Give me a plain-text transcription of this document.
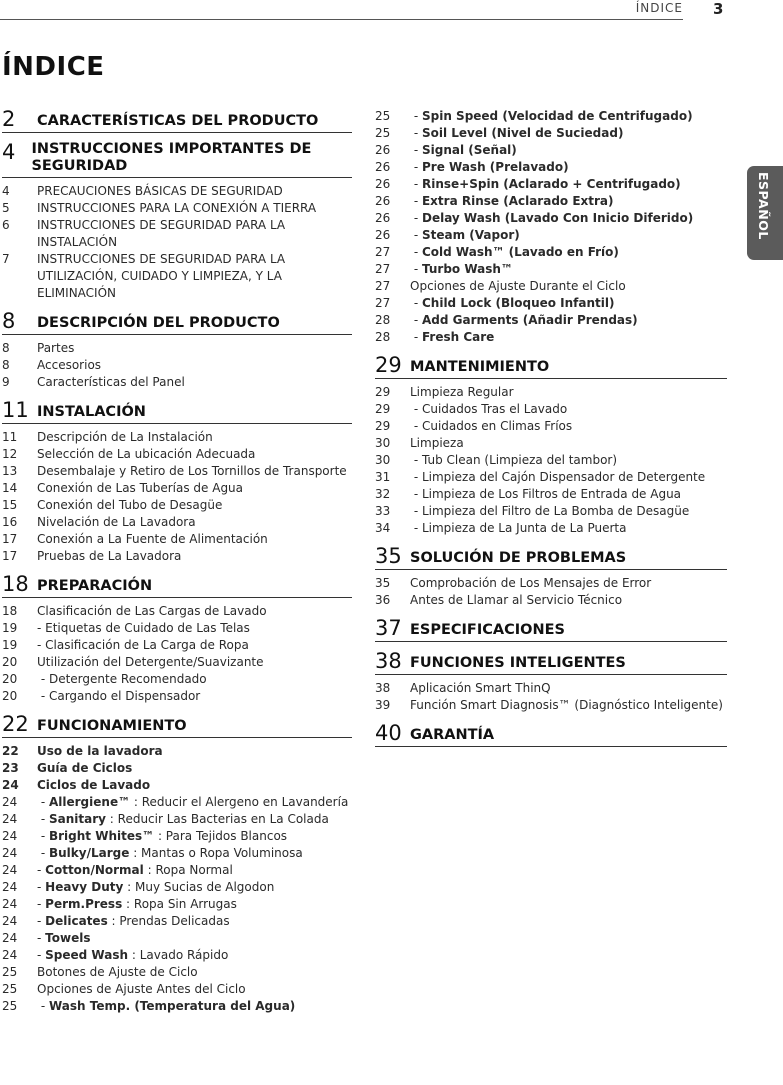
ÍNDICE 3
ÍNDICE
2	CARACTERÍSTICAS DEL PRODUCTO
4	INSTRUCCIONES IMPORTANTES DE SEGURIDAD
4	PRECAUCIONES BÁSICAS DE SEGURIDAD
5	INSTRUCCIONES PARA LA CONEXIÓN A TIERRA
6	INSTRUCCIONES DE SEGURIDAD PARA LA INSTALACIÓN
7	INSTRUCCIONES DE SEGURIDAD PARA LA UTILIZACIÓN, CUIDADO Y LIMPIEZA, Y LA ELIMINACIÓN
8	DESCRIPCIÓN DEL PRODUCTO
8	Partes
8	Accesorios
9	Características del Panel
11 INSTALACIÓN
11	Descripción de La Instalación
12	Selección de La ubicación Adecuada
13	Desembalaje y Retiro de Los Tornillos de Transporte
14	Conexión de Las Tuberías de Agua
15	Conexión del Tubo de Desagüe
16	Nivelación de La Lavadora
17	Conexión a La Fuente de Alimentación
17	Pruebas de La Lavadora
18 PREPARACIÓN
18	Clasificación de Las Cargas de Lavado
19	- Etiquetas de Cuidado de Las Telas
19	- Clasificación de La Carga de Ropa
20	Utilización del Detergente/Suavizante
20	- Detergente Recomendado
20	- Cargando el Dispensador
22 FUNCIONAMIENTO
22	Uso de la lavadora
23	Guía de Ciclos
24	Ciclos de Lavado
24	- Allergiene™ : Reducir el Alergeno en Lavandería
24	- Sanitary : Reducir Las Bacterias en La Colada
24	- Bright Whites™ : Para Tejidos Blancos
24	- Bulky/Large : Mantas o Ropa Voluminosa
24	- Cotton/Normal : Ropa Normal
24	- Heavy Duty : Muy Sucias de Algodon
24	- Perm.Press : Ropa Sin Arrugas
24	- Delicates : Prendas Delicadas
24	- Towels
24	- Speed Wash : Lavado Rápido
25	Botones de Ajuste de Ciclo
25	Opciones de Ajuste Antes del Ciclo
25	- Wash Temp. (Temperatura del Agua)
25	- Spin Speed (Velocidad de Centrifugado)
25	- Soil Level (Nivel de Suciedad)
26	- Signal (Señal)
26	- Pre Wash (Prelavado)
26	- Rinse+Spin (Aclarado + Centrifugado)
26	- Extra Rinse (Aclarado Extra)
26	- Delay Wash (Lavado Con Inicio Diferido)
26	- Steam (Vapor)
27	- Cold Wash™ (Lavado en Frío)
27	- Turbo Wash™
27	Opciones de Ajuste Durante el Ciclo
27	- Child Lock (Bloqueo Infantil)
28	- Add Garments (Añadir Prendas)
28	- Fresh Care
29 MANTENIMIENTO
29	Limpieza Regular
29	- Cuidados Tras el Lavado
29	- Cuidados en Climas Fríos
30	Limpieza
30	- Tub Clean (Limpieza del tambor)
31	- Limpieza del Cajón Dispensador de Detergente
32	- Limpieza de Los Filtros de Entrada de Agua
33	- Limpieza del Filtro de La Bomba de Desagüe
34	- Limpieza de La Junta de La Puerta
35 SOLUCIÓN DE PROBLEMAS
35	Comprobación de Los Mensajes de Error
36	Antes de Llamar al Servicio Técnico
37 ESPECIFICACIONES
38 FUNCIONES INTELIGENTES
38	Aplicación Smart ThinQ
39	Función Smart Diagnosis™ (Diagnóstico Inteligente)
40 GARANTÍA
ESPAÑOL
